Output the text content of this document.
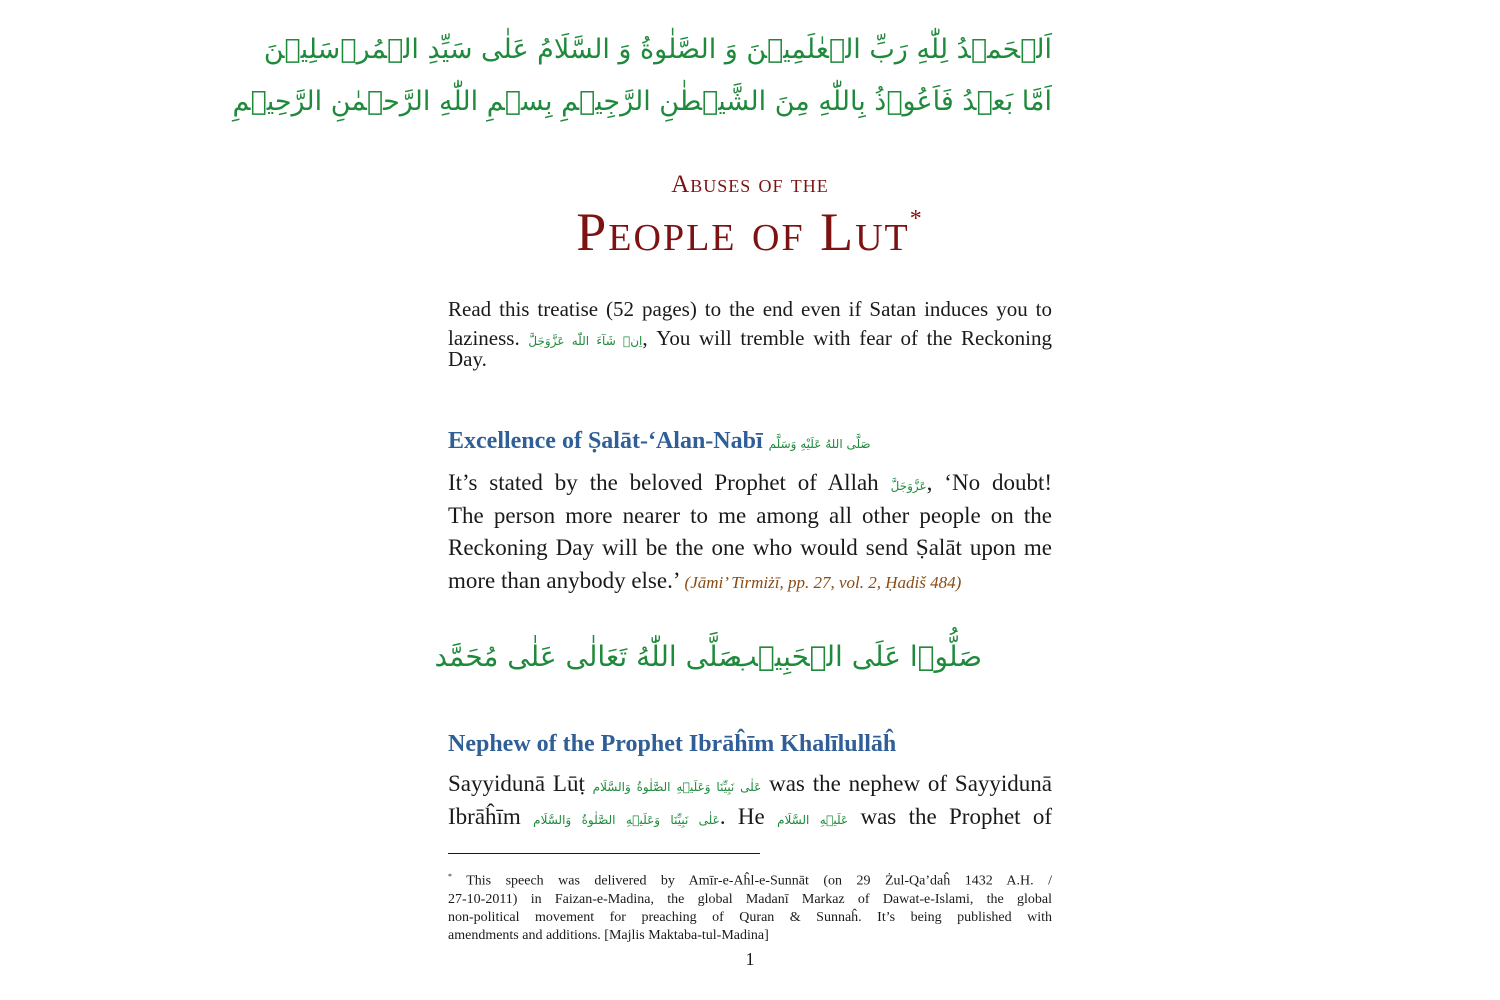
اَلۡحَمۡدُ لِلّٰهِ رَبِّ الۡعٰلَمِيۡنَ وَ الصَّلٰوةُ وَ السَّلَامُ عَلٰى سَيِّدِ الۡمُرۡسَلِيۡنَ
اَمَّا بَعۡدُ فَاَعُوۡذُ بِاللّٰهِ مِنَ الشَّيۡطٰنِ الرَّجِيۡمِ بِسۡمِ اللّٰهِ الرَّحۡمٰنِ الرَّحِيۡمِ
Abuses of the
People of Lut*
Read this treatise (52 pages) to the end even if Satan induces you to
laziness. اِنۡ شَآءَ اللّٰه عَزَّوَجَلَّ, You will tremble with fear of the Reckoning Day.
Excellence of Ṣalāt-‘Alan-Nabī صَلَّى اللهُ عَلَيْهِ وَسَلَّم
It’s stated by the beloved Prophet of Allah عَزَّوَجَلَّ, ‘No doubt!
The person more nearer to me among all other people on the
Reckoning Day will be the one who would send Ṣalāt upon me
more than anybody else.’ (Jāmi’ Tirmiżī, pp. 27, vol. 2, Ḥadiš 484)
صَلُّوۡا عَلَى الۡحَبِيۡب
صَلَّى اللّٰهُ تَعَالٰى عَلٰى مُحَمَّد
Nephew of the Prophet Ibrāĥīm Khalīlullāĥ
Sayyidunā Lūṭ عَلٰى نَبِيِّنَا وَعَلَيۡهِ الصَّلٰوةُ وَالسَّلَام was the nephew of Sayyidunā
Ibrāĥīm عَلٰى نَبِيِّنَا وَعَلَيۡهِ الصَّلٰوةُ وَالسَّلَام. He عَلَيۡهِ السَّلَام was the Prophet of
* This speech was delivered by Amīr-e-Aĥl-e-Sunnāt (on 29 Żul-Qa’daĥ 1432 A.H. /
27-10-2011) in Faizan-e-Madina, the global Madanī Markaz of Dawat-e-Islami, the global
non-political movement for preaching of Quran & Sunnaĥ. It’s being published with
amendments and additions. [Majlis Maktaba-tul-Madina]
1
